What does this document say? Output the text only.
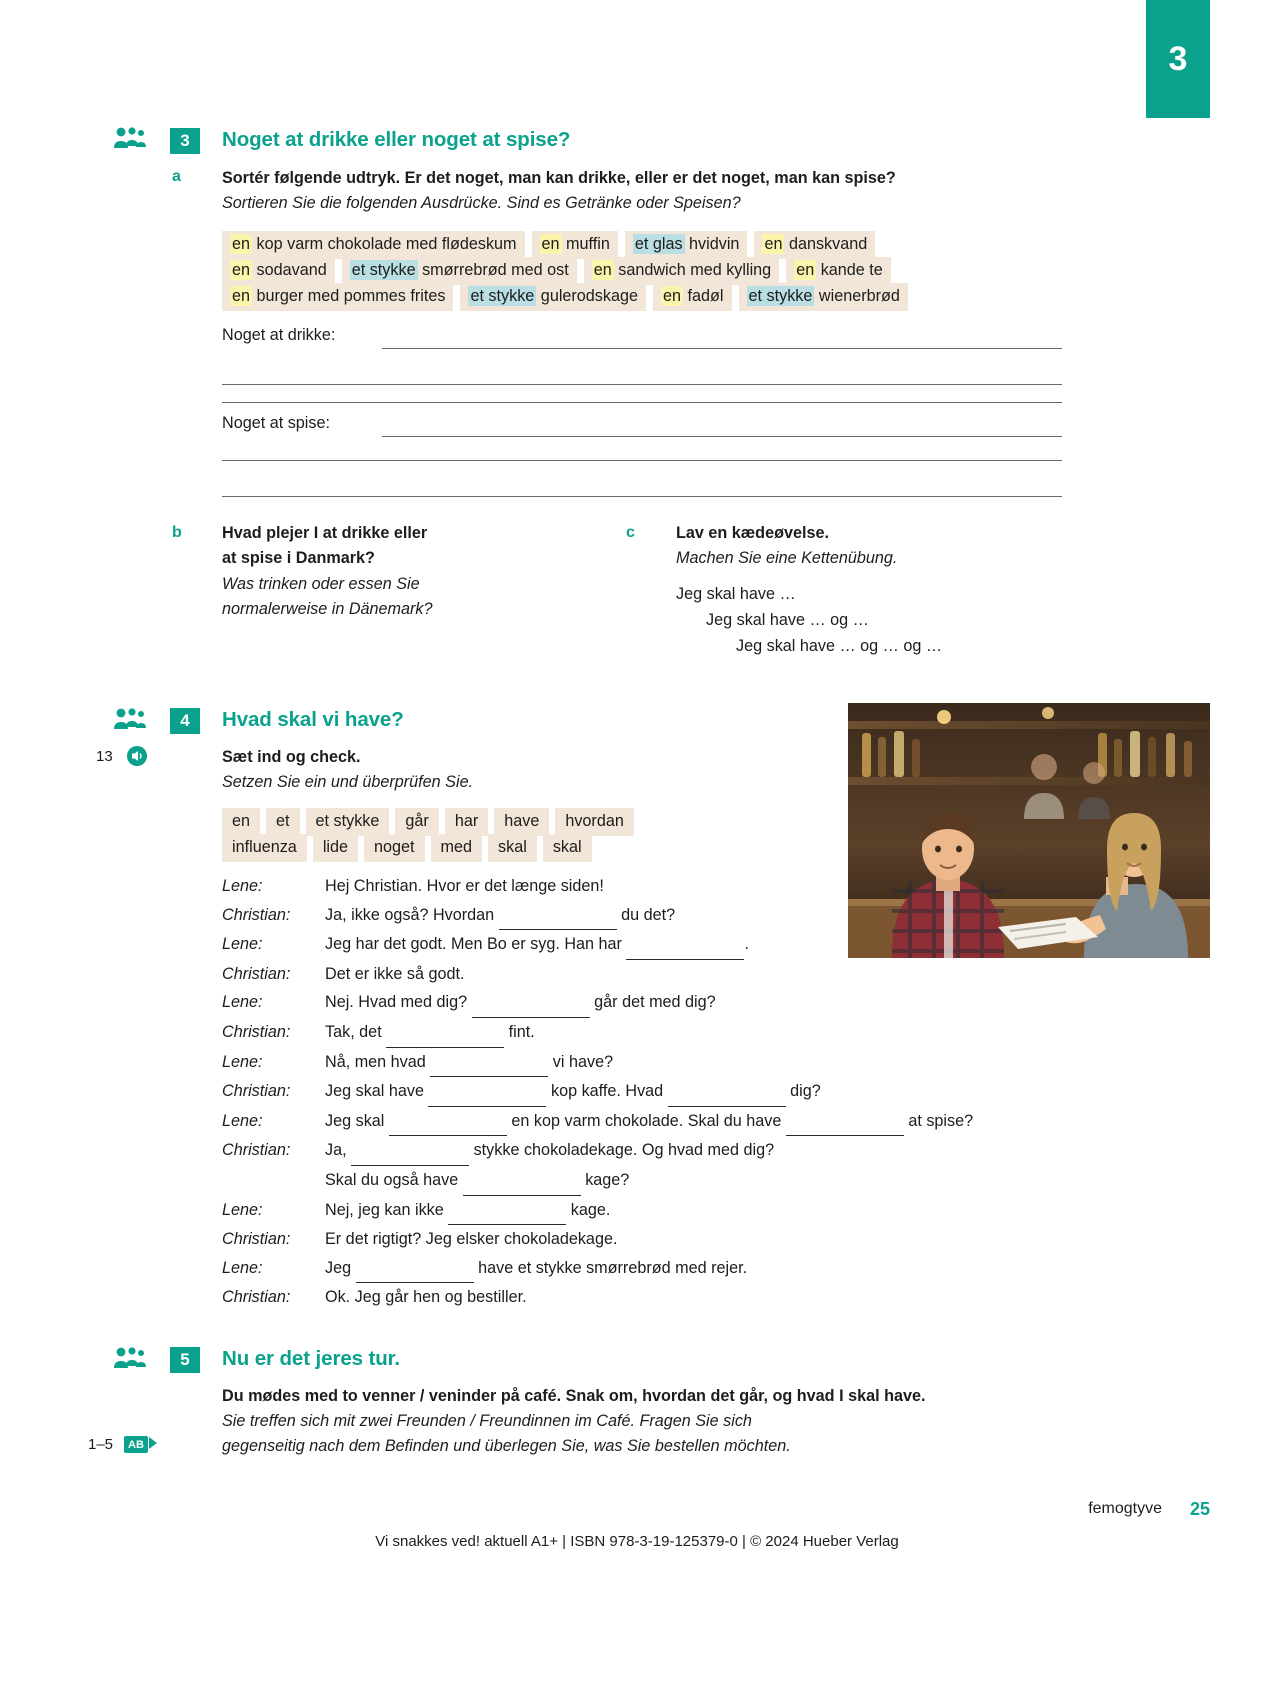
3
3	Noget at drikke eller noget at spise?
a	Sortér følgende udtryk. Er det noget, man kan drikke, eller er det noget, man kan spise?
Sortieren Sie die folgenden Ausdrücke. Sind es Getränke oder Speisen?
en kop varm chokolade med flødeskum en muffin et glas hvidvin en danskvand
en sodavand et stykke smørrebrød med ost en sandwich med kylling en kande te
en burger med pommes frites et stykke gulerodskage en fadøl et stykke wienerbrød
Noget at drikke:
Noget at spise:
b Hvad plejer I at drikke eller
at spise i Danmark?
Was trinken oder essen Sie
normalerweise in Dänemark?
c	Lav en kædeøvelse.
Machen Sie eine Kettenübung.
Jeg skal have …
Jeg skal have … og …
Jeg skal have … og … og …
4	Hvad skal vi have?
13	Sæt ind og check.
Setzen Sie ein und überprüfen Sie.
en et et stykke går har have hvordan
influenza lide noget med skal skal
Lene:	Hej Christian. Hvor er det længe siden!
Christian:	Ja, ikke også? Hvordan	du det?
Lene:	Jeg har det godt. Men Bo er syg. Han har	.
Christian:	Det er ikke så godt.
Lene:	Nej. Hvad med dig?	går det med dig?
Christian:	Tak, det	fint.
Lene:	Nå, men hvad	vi have?
Christian:	Jeg skal have	kop kaffe. Hvad	dig?
Lene:	Jeg skal	en kop varm chokolade. Skal du have	at spise?
Christian:	Ja,	stykke chokoladekage. Og hvad med dig?
Skal du også have	kage?
Lene:	Nej, jeg kan ikke	kage.
Christian:	Er det rigtigt? Jeg elsker chokoladekage.
Lene:	Jeg	have et stykke smørrebrød med rejer.
Christian:	Ok. Jeg går hen og bestiller.
5	Nu er det jeres tur.
Du mødes med to venner / veninder på café. Snak om, hvordan det går, og hvad I skal have.
Sie treffen sich mit zwei Freunden / Freundinnen im Café. Fragen Sie sich
gegenseitig nach dem Befinden und überlegen Sie, was Sie bestellen möchten.
1–5	AB
femogtyve 25
Vi snakkes ved! aktuell A1+ | ISBN 978-3-19-125379-0 | © 2024 Hueber Verlag
